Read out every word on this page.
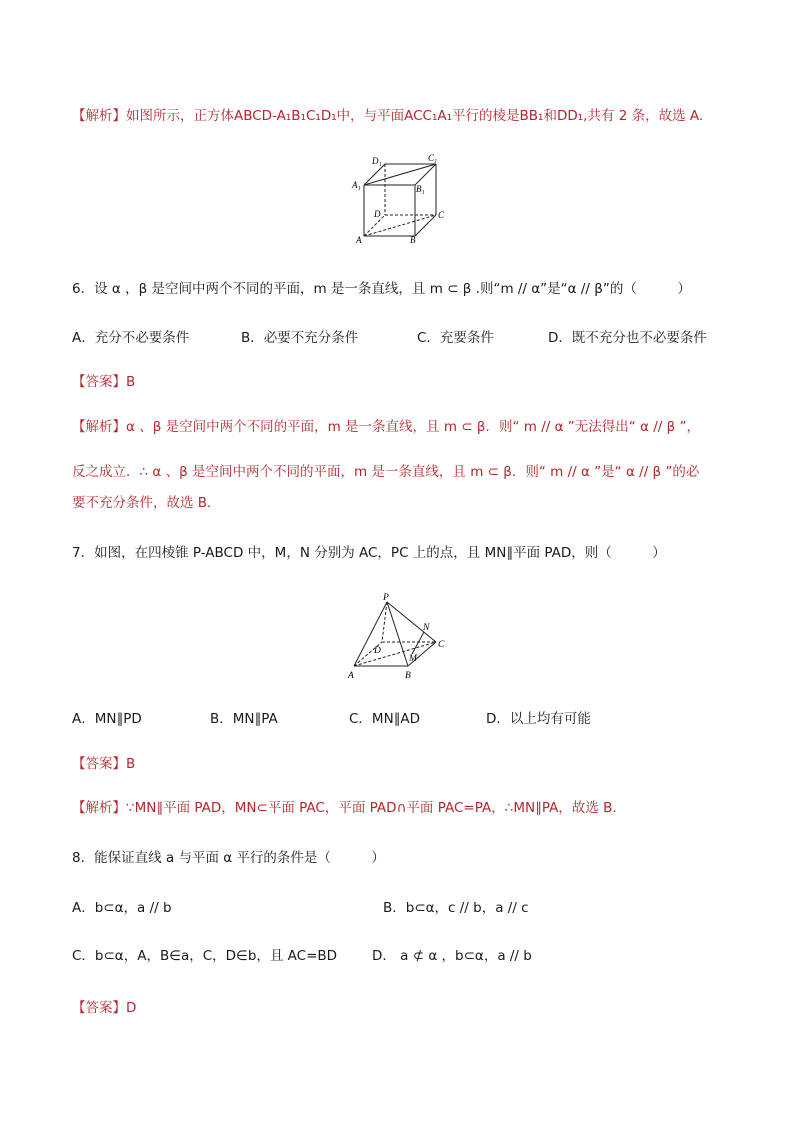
【解析】如图所示，正方体ABCD-A₁B₁C₁D₁中，与平面ACC₁A₁平行的棱是BB₁和DD₁,共有 2 条，故选 A.
D₁	C₁
A₁	B₁
D	C
A	B
6．设 α ，β 是空间中两个不同的平面，m 是一条直线，且 m ⊂ β .则“m // α”是“α // β”的（　　　）
A．充分不必要条件	B．必要不充分条件	C．充要条件	D．既不充分也不必要条件
【答案】B
【解析】α 、β 是空间中两个不同的平面，m 是一条直线，且 m ⊂ β．则“ m // α ”无法得出“ α // β ”，
反之成立．∴ α 、β 是空间中两个不同的平面，m 是一条直线，且 m ⊂ β．则“ m // α ”是“ α // β ”的必
要不充分条件，故选 B．
7．如图，在四棱锥 P-ABCD 中，M，N 分别为 AC，PC 上的点，且 MN∥平面 PAD，则（　　　）
P
N
C
D
M
A	B
A．MN∥PD	B．MN∥PA	C．MN∥AD	D．以上均有可能
【答案】B
【解析】∵MN∥平面 PAD，MN⊂平面 PAC，平面 PAD∩平面 PAC=PA，∴MN∥PA，故选 B.
8．能保证直线 a 与平面 α 平行的条件是（　　　）
A．b⊂α，a // b	B．b⊂α，c // b，a // c
C．b⊂α，A，B∈a，C，D∈b，且 AC=BD	D． a ⊄ α ，b⊂α，a // b
【答案】D
